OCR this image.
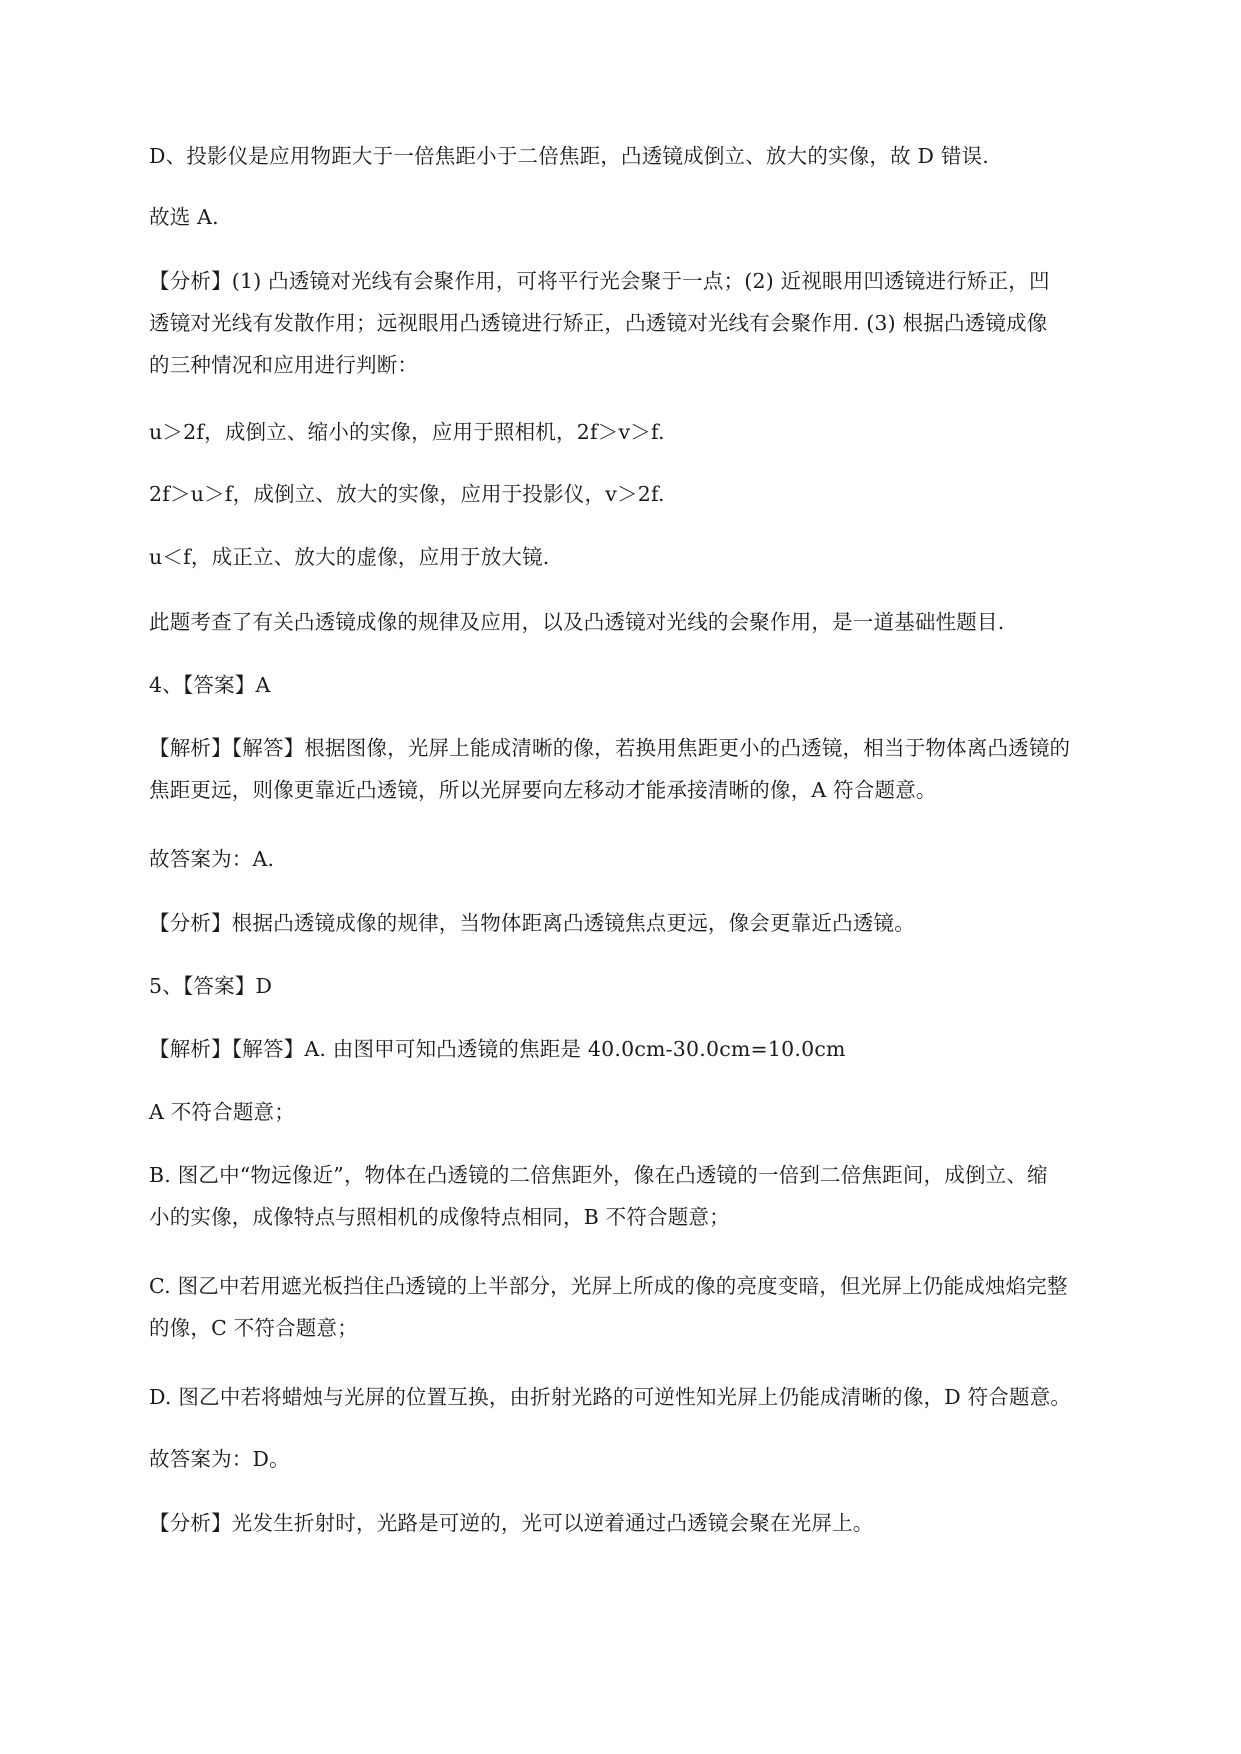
D、投影仪是应用物距大于一倍焦距小于二倍焦距，凸透镜成倒立、放大的实像，故 D 错误.

故选 A.

【分析】(1) 凸透镜对光线有会聚作用，可将平行光会聚于一点；(2) 近视眼用凹透镜进行矫正，凹
透镜对光线有发散作用；远视眼用凸透镜进行矫正，凸透镜对光线有会聚作用. (3) 根据凸透镜成像
的三种情况和应用进行判断：

u＞2f，成倒立、缩小的实像，应用于照相机，2f＞v＞f.

2f＞u＞f，成倒立、放大的实像，应用于投影仪，v＞2f.

u＜f，成正立、放大的虚像，应用于放大镜.

此题考查了有关凸透镜成像的规律及应用，以及凸透镜对光线的会聚作用，是一道基础性题目.

4、【答案】A

【解析】【解答】根据图像，光屏上能成清晰的像，若换用焦距更小的凸透镜，相当于物体离凸透镜的
焦距更远，则像更靠近凸透镜，所以光屏要向左移动才能承接清晰的像，A 符合题意。

故答案为：A.

【分析】根据凸透镜成像的规律，当物体距离凸透镜焦点更远，像会更靠近凸透镜。

5、【答案】D

【解析】【解答】A. 由图甲可知凸透镜的焦距是 40.0cm-30.0cm=10.0cm

A 不符合题意；

B. 图乙中“物远像近”，物体在凸透镜的二倍焦距外，像在凸透镜的一倍到二倍焦距间，成倒立、缩
小的实像，成像特点与照相机的成像特点相同，B 不符合题意；

C. 图乙中若用遮光板挡住凸透镜的上半部分，光屏上所成的像的亮度变暗，但光屏上仍能成烛焰完整
的像，C 不符合题意；

D. 图乙中若将蜡烛与光屏的位置互换，由折射光路的可逆性知光屏上仍能成清晰的像，D 符合题意。

故答案为：D。

【分析】光发生折射时，光路是可逆的，光可以逆着通过凸透镜会聚在光屏上。
